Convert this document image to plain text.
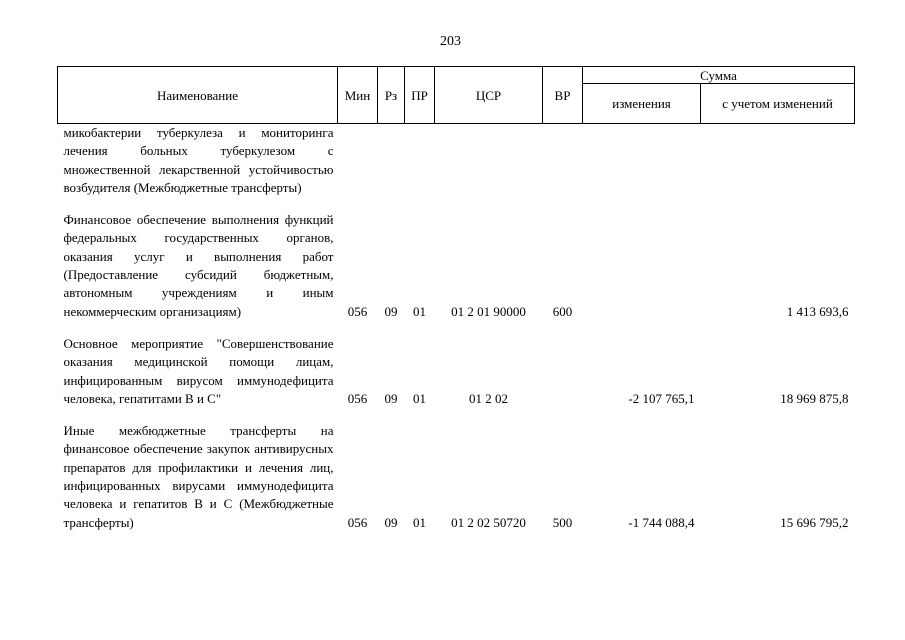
203
Наименование	Мин	Рз	ПР	ЦСР	ВР	Сумма	
						изменения	с учетом изменений
микобактерии туберкулеза и мониторинга лечения больных туберкулезом с множественной лекарственной устойчивостью возбудителя (Межбюджетные трансферты)							

Финансовое обеспечение выполнения функций федеральных государственных органов, оказания услуг и выполнения работ (Предоставление субсидий бюджетным, автономным учреждениям и иным некоммерческим организациям)	056	09	01	01 2 01 90000	600		1 413 693,6

Основное мероприятие "Совершенствование оказания медицинской помощи лицам, инфицированным вирусом иммунодефицита человека, гепатитами В и С"	056	09	01	01 2 02		-2 107 765,1	18 969 875,8

Иные межбюджетные трансферты на финансовое обеспечение закупок антивирусных препаратов для профилактики и лечения лиц, инфицированных вирусами иммунодефицита человека и гепатитов В и С (Межбюджетные трансферты)	056	09	01	01 2 02 50720	500	-1 744 088,4	15 696 795,2
